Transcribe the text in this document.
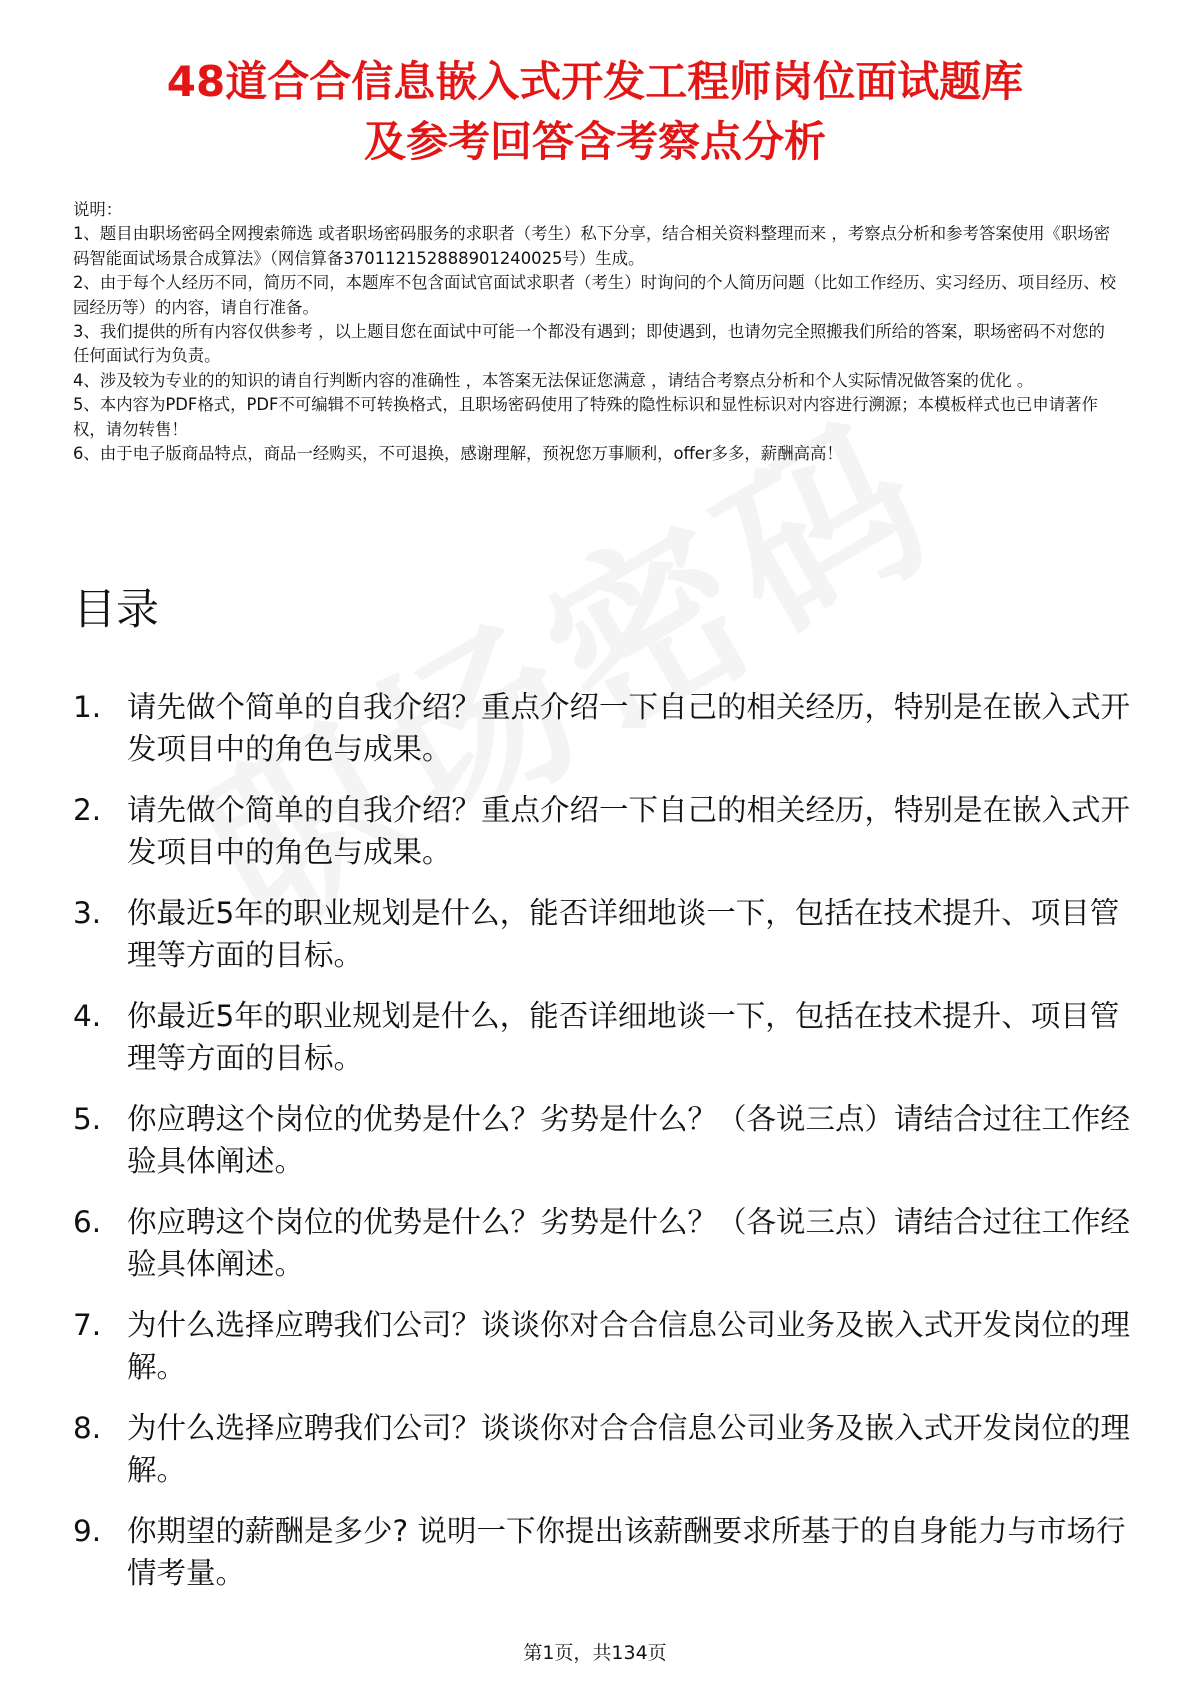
48道合合信息嵌入式开发工程师岗位面试题库
及参考回答含考察点分析

说明：

1、题目由职场密码全网搜索筛选 或者职场密码服务的求职者（考生）私下分享，结合相关资料整理而来 ，考察点分析和参考答案使用《职场密码智能面试场景合成算法》（网信算备370112152888901240025号）生成。

2、由于每个人经历不同，简历不同，本题库不包含面试官面试求职者（考生）时询问的个人简历问题（比如工作经历、实习经历、项目经历、校园经历等）的内容，请自行准备。

3、我们提供的所有内容仅供参考 ，以上题目您在面试中可能一个都没有遇到；即使遇到，也请勿完全照搬我们所给的答案，职场密码不对您的任何面试行为负责。

4、涉及较为专业的的知识的请自行判断内容的准确性 ，本答案无法保证您满意 ，请结合考察点分析和个人实际情况做答案的优化 。

5、本内容为PDF格式，PDF不可编辑不可转换格式，且职场密码使用了特殊的隐性标识和显性标识对内容进行溯源；本模板样式也已申请著作权，请勿转售！

6、由于电子版商品特点，商品一经购买，不可退换，感谢理解，预祝您万事顺利，offer多多，薪酬高高！

目录
1. 请先做个简单的自我介绍？重点介绍一下自己的相关经历，特别是在嵌入式开发项目中的角色与成果。
2. 请先做个简单的自我介绍？重点介绍一下自己的相关经历，特别是在嵌入式开发项目中的角色与成果。
3. 你最近5年的职业规划是什么，能否详细地谈一下，包括在技术提升、项目管理等方面的目标。
4. 你最近5年的职业规划是什么，能否详细地谈一下，包括在技术提升、项目管理等方面的目标。
5. 你应聘这个岗位的优势是什么？劣势是什么？（各说三点）请结合过往工作经验具体阐述。
6. 你应聘这个岗位的优势是什么？劣势是什么？（各说三点）请结合过往工作经验具体阐述。
7. 为什么选择应聘我们公司？谈谈你对合合信息公司业务及嵌入式开发岗位的理解。
8. 为什么选择应聘我们公司？谈谈你对合合信息公司业务及嵌入式开发岗位的理解。
9. 你期望的薪酬是多少? 说明一下你提出该薪酬要求所基于的自身能力与市场行情考量。
第1页，共134页
